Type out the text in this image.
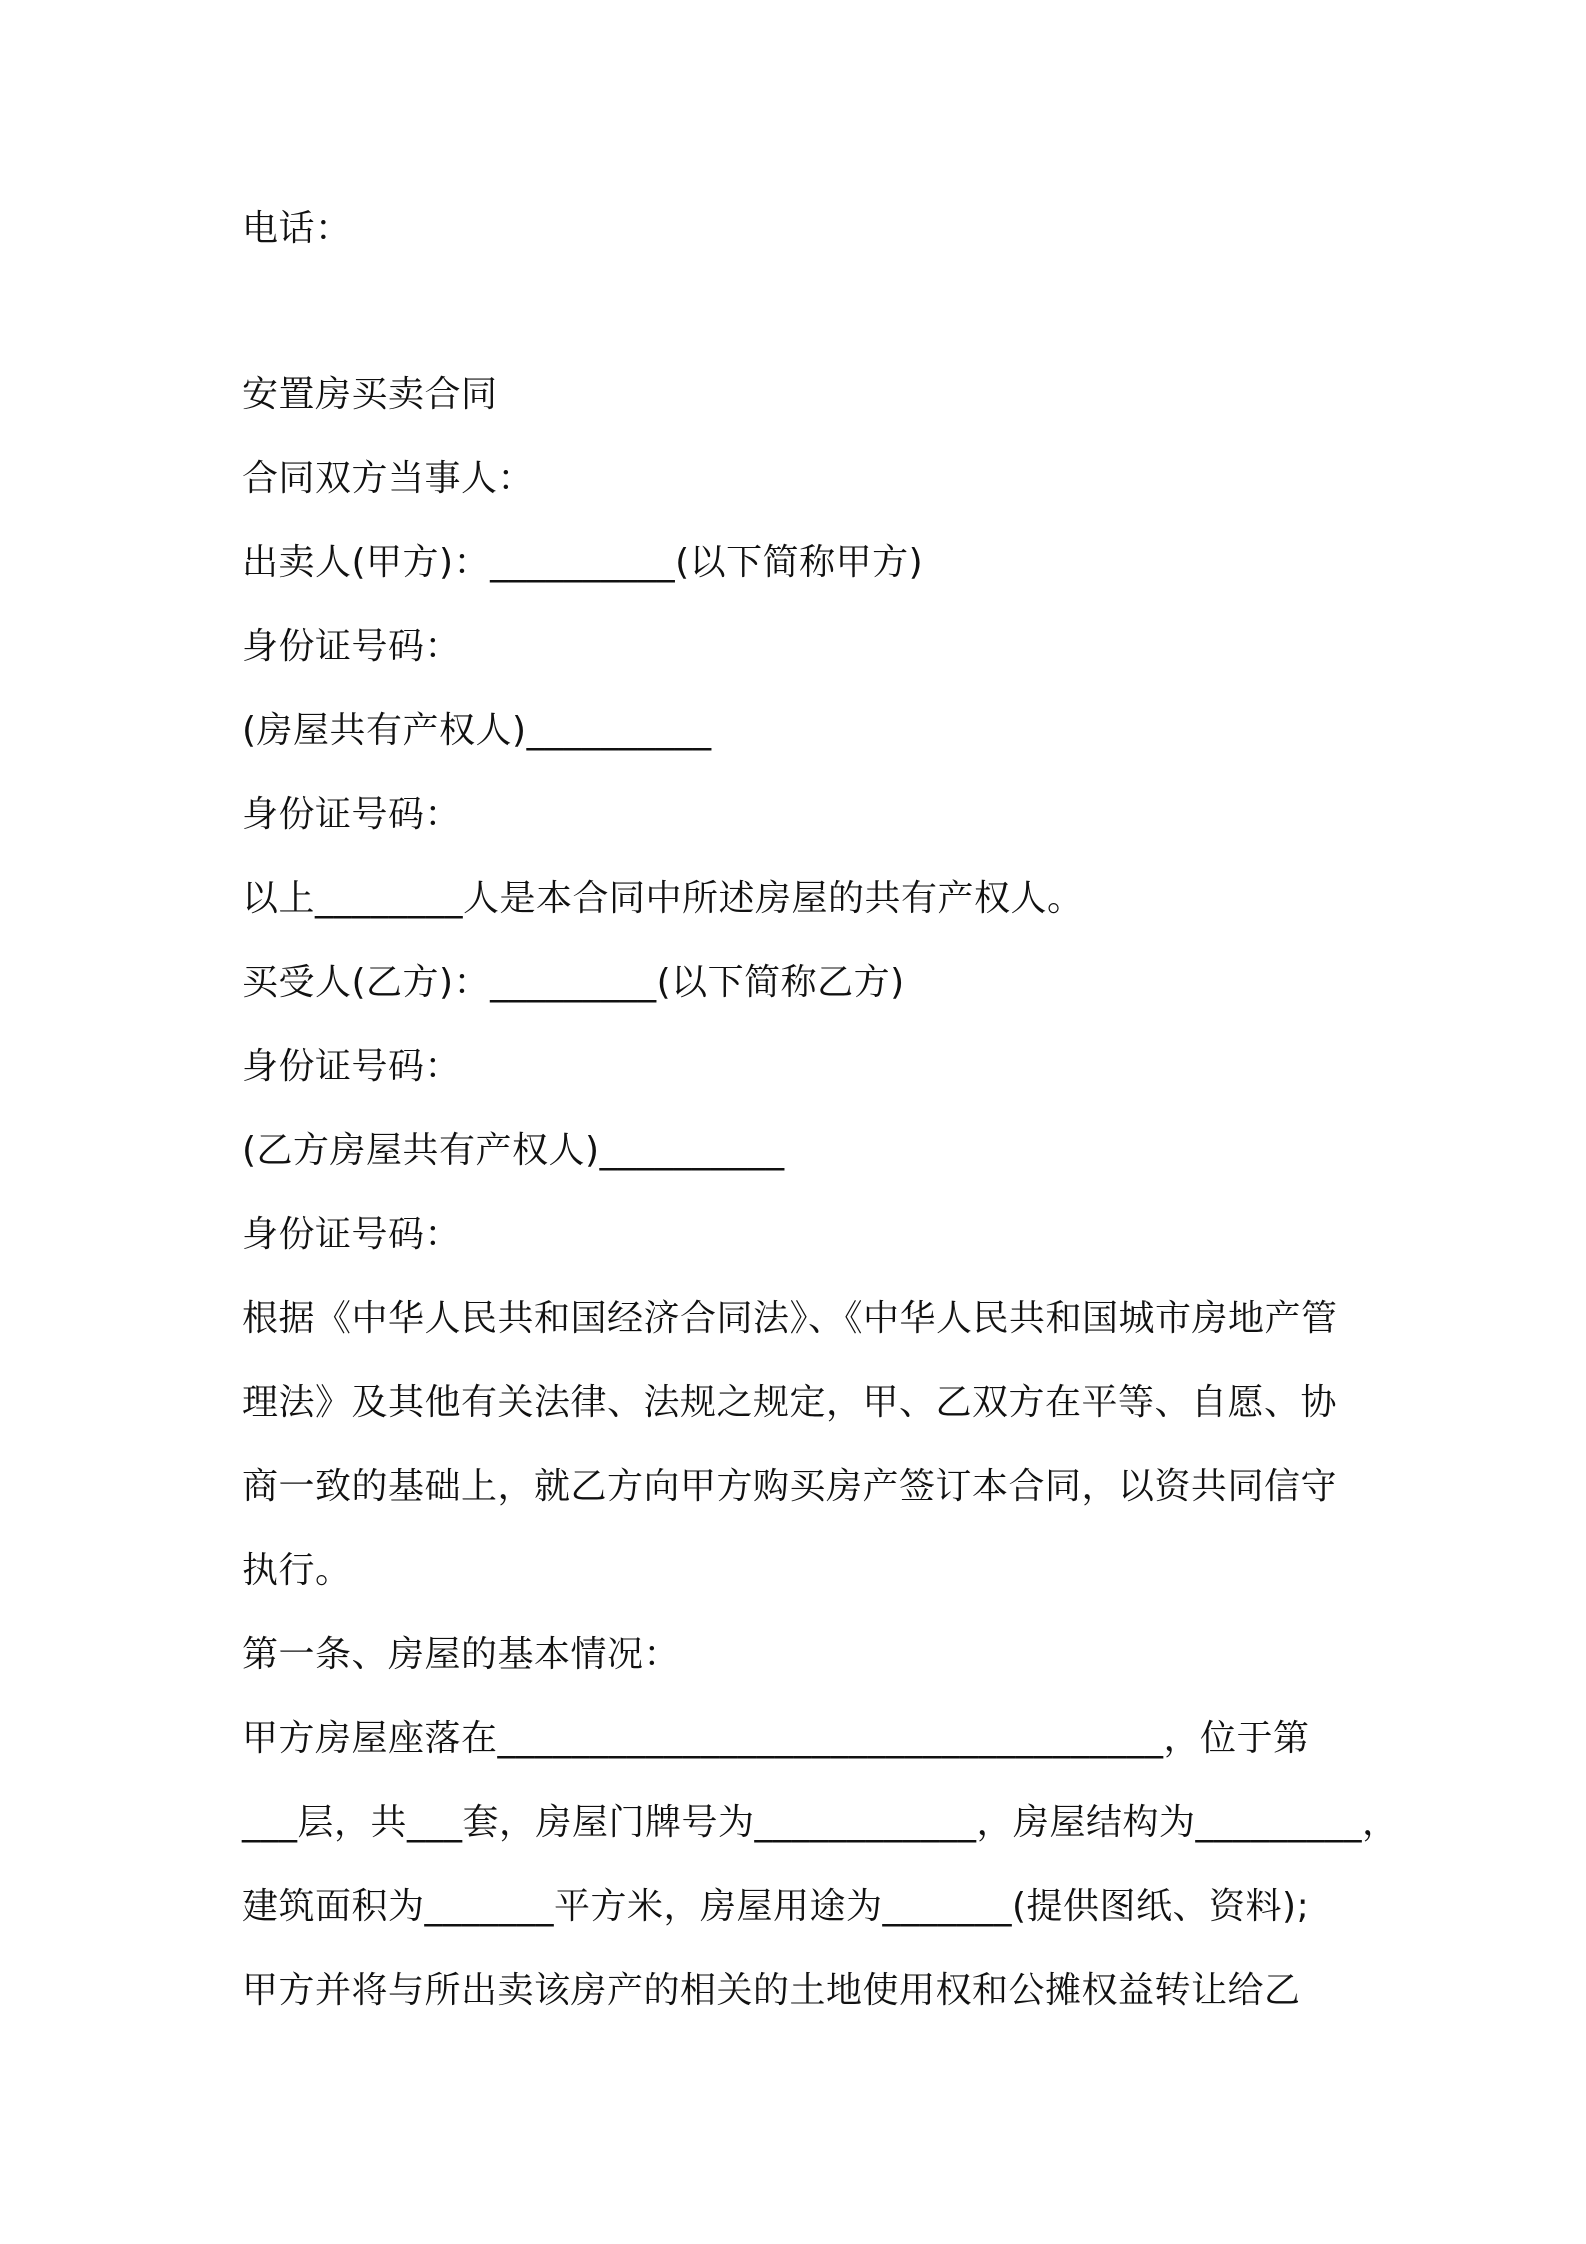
电话：

安置房买卖合同

合同双方当事人：

出卖人(甲方)：__________(以下简称甲方)

身份证号码：

(房屋共有产权人)__________

身份证号码：

以上________人是本合同中所述房屋的共有产权人。

买受人(乙方)：_________(以下简称乙方)

身份证号码：

(乙方房屋共有产权人)__________

身份证号码：

根据《中华人民共和国经济合同法》、《中华人民共和国城市房地产管

理法》及其他有关法律、法规之规定，甲、乙双方在平等、自愿、协

商一致的基础上，就乙方向甲方购买房产签订本合同，以资共同信守

执行。

第一条、房屋的基本情况：

甲方房屋座落在____________________________________，位于第

___层，共___套，房屋门牌号为____________，房屋结构为_________，

建筑面积为_______平方米，房屋用途为_______(提供图纸、资料);

甲方并将与所出卖该房产的相关的土地使用权和公摊权益转让给乙
